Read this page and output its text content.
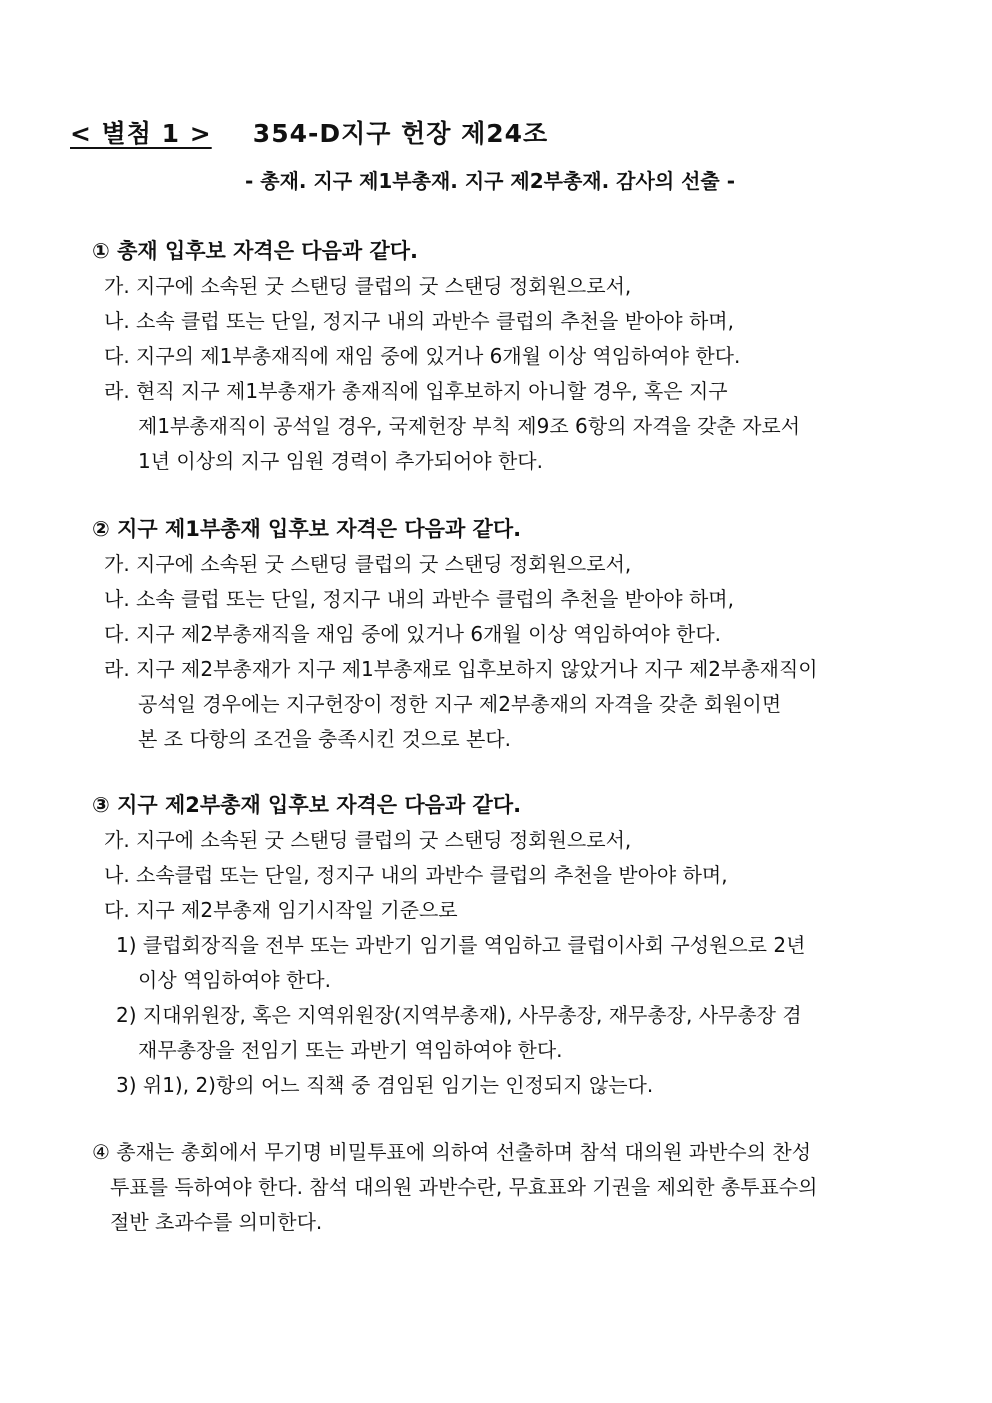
< 별첨 1 > 354-D지구 헌장 제24조
- 총재. 지구 제1부총재. 지구 제2부총재. 감사의 선출 -
① 총재 입후보 자격은 다음과 같다.
가. 지구에 소속된 굿 스탠딩 클럽의 굿 스탠딩 정회원으로서,
나. 소속 클럽 또는 단일, 정지구 내의 과반수 클럽의 추천을 받아야 하며,
다. 지구의 제1부총재직에 재임 중에 있거나 6개월 이상 역임하여야 한다.
라. 현직 지구 제1부총재가 총재직에 입후보하지 아니할 경우, 혹은 지구
제1부총재직이 공석일 경우, 국제헌장 부칙 제9조 6항의 자격을 갖춘 자로서
1년 이상의 지구 임원 경력이 추가되어야 한다.
② 지구 제1부총재 입후보 자격은 다음과 같다.
가. 지구에 소속된 굿 스탠딩 클럽의 굿 스탠딩 정회원으로서,
나. 소속 클럽 또는 단일, 정지구 내의 과반수 클럽의 추천을 받아야 하며,
다. 지구 제2부총재직을 재임 중에 있거나 6개월 이상 역임하여야 한다.
라. 지구 제2부총재가 지구 제1부총재로 입후보하지 않았거나 지구 제2부총재직이
공석일 경우에는 지구헌장이 정한 지구 제2부총재의 자격을 갖춘 회원이면
본 조 다항의 조건을 충족시킨 것으로 본다.
③ 지구 제2부총재 입후보 자격은 다음과 같다.
가. 지구에 소속된 굿 스탠딩 클럽의 굿 스탠딩 정회원으로서,
나. 소속클럽 또는 단일, 정지구 내의 과반수 클럽의 추천을 받아야 하며,
다. 지구 제2부총재 임기시작일 기준으로
1) 클럽회장직을 전부 또는 과반기 임기를 역임하고 클럽이사회 구성원으로 2년
이상 역임하여야 한다.
2) 지대위원장, 혹은 지역위원장(지역부총재), 사무총장, 재무총장, 사무총장 겸
재무총장을 전임기 또는 과반기 역임하여야 한다.
3) 위1), 2)항의 어느 직책 중 겸임된 임기는 인정되지 않는다.
④ 총재는 총회에서 무기명 비밀투표에 의하여 선출하며 참석 대의원 과반수의 찬성
투표를 득하여야 한다. 참석 대의원 과반수란, 무효표와 기권을 제외한 총투표수의
절반 초과수를 의미한다.
